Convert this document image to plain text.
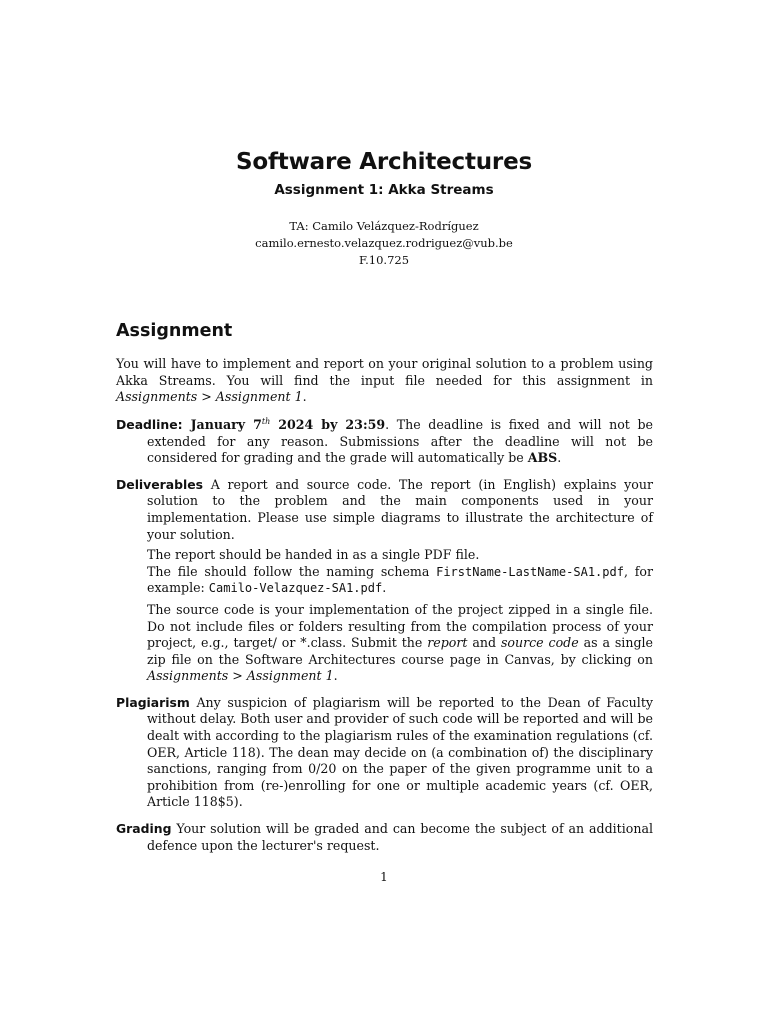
Software Architectures
Assignment 1: Akka Streams
TA: Camilo Velázquez-Rodríguez
camilo.ernesto.velazquez.rodriguez@vub.be
F.10.725
Assignment

You will have to implement and report on your original solution to a problem using Akka Streams. You will find the input file needed for this assignment in Assignments > Assignment 1.

Deadline: January 7th 2024 by 23:59. The deadline is fixed and will not be extended for any reason. Submissions after the deadline will not be considered for grading and the grade will automatically be ABS.

Deliverables A report and source code. The report (in English) explains your solution to the problem and the main components used in your implementation. Please use simple diagrams to illustrate the architecture of your solution.

The report should be handed in as a single PDF file.
The file should follow the naming schema FirstName-LastName-SA1.pdf, for example: Camilo-Velazquez-SA1.pdf.

The source code is your implementation of the project zipped in a single file. Do not include files or folders resulting from the compilation process of your project, e.g., target/ or *.class. Submit the report and source code as a single zip file on the Software Architectures course page in Canvas, by clicking on Assignments > Assignment 1.

Plagiarism Any suspicion of plagiarism will be reported to the Dean of Faculty without delay. Both user and provider of such code will be reported and will be dealt with according to the plagiarism rules of the examination regulations (cf. OER, Article 118). The dean may decide on (a combination of) the disciplinary sanctions, ranging from 0/20 on the paper of the given programme unit to a prohibition from (re-)enrolling for one or multiple academic years (cf. OER, Article 118$5).

Grading Your solution will be graded and can become the subject of an additional defence upon the lecturer's request.

1
